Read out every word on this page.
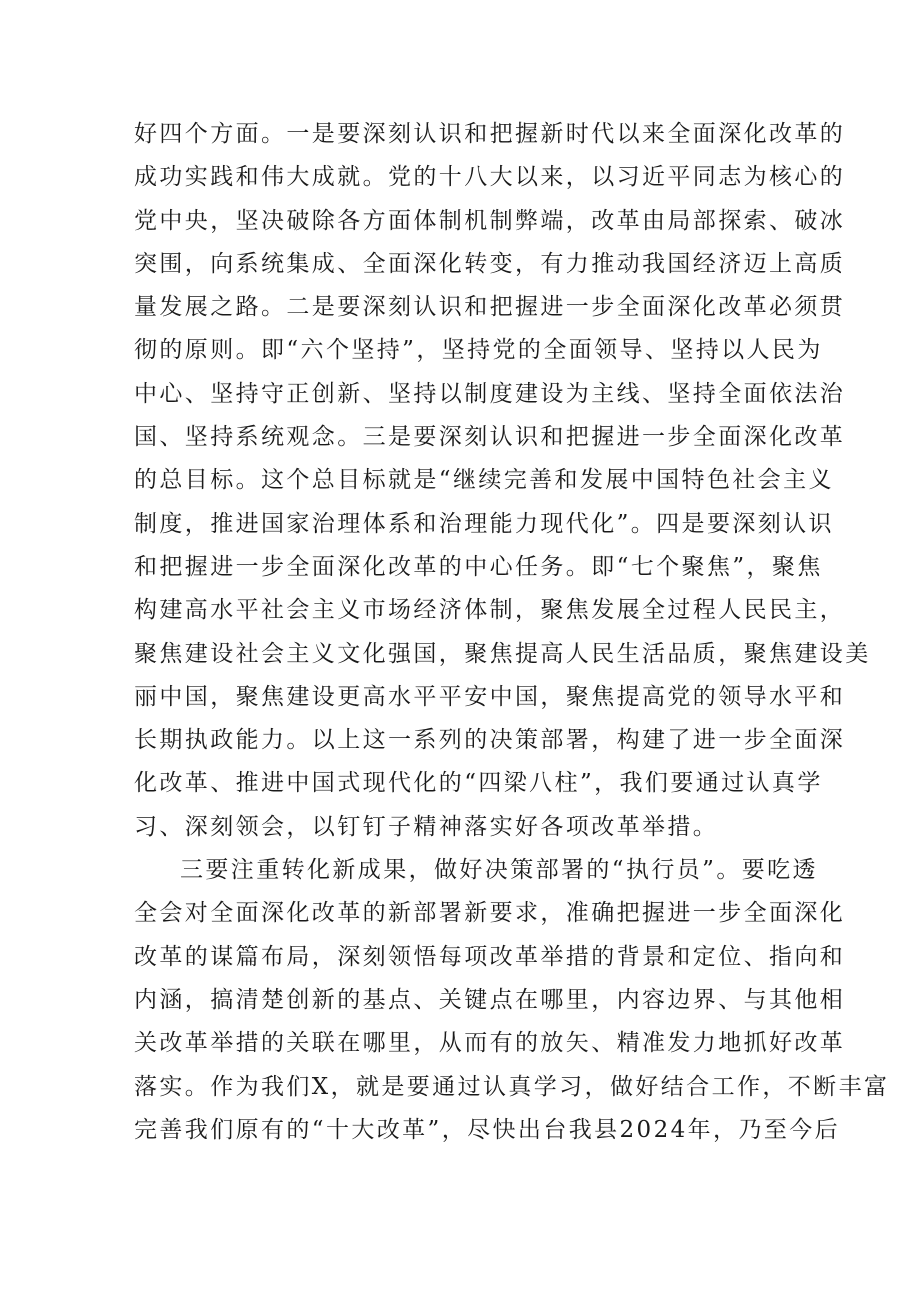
好四个方面。一是要深刻认识和把握新时代以来全面深化改革的
成功实践和伟大成就。党的十八大以来，以习近平同志为核心的
党中央，坚决破除各方面体制机制弊端，改革由局部探索、破冰
突围，向系统集成、全面深化转变，有力推动我国经济迈上高质
量发展之路。二是要深刻认识和把握进一步全面深化改革必须贯
彻的原则。即“六个坚持”，坚持党的全面领导、坚持以人民为
中心、坚持守正创新、坚持以制度建设为主线、坚持全面依法治
国、坚持系统观念。三是要深刻认识和把握进一步全面深化改革
的总目标。这个总目标就是“继续完善和发展中国特色社会主义
制度，推进国家治理体系和治理能力现代化”。四是要深刻认识
和把握进一步全面深化改革的中心任务。即“七个聚焦”，聚焦
构建高水平社会主义市场经济体制，聚焦发展全过程人民民主，
聚焦建设社会主义文化强国，聚焦提高人民生活品质，聚焦建设美
丽中国，聚焦建设更高水平平安中国，聚焦提高党的领导水平和
长期执政能力。以上这一系列的决策部署，构建了进一步全面深
化改革、推进中国式现代化的“四梁八柱”，我们要通过认真学
习、深刻领会，以钉钉子精神落实好各项改革举措。
三要注重转化新成果，做好决策部署的“执行员”。要吃透
全会对全面深化改革的新部署新要求，准确把握进一步全面深化
改革的谋篇布局，深刻领悟每项改革举措的背景和定位、指向和
内涵，搞清楚创新的基点、关键点在哪里，内容边界、与其他相
关改革举措的关联在哪里，从而有的放矢、精准发力地抓好改革
落实。作为我们X，就是要通过认真学习，做好结合工作，不断丰富
完善我们原有的“十大改革”，尽快出台我县2024年，乃至今后
